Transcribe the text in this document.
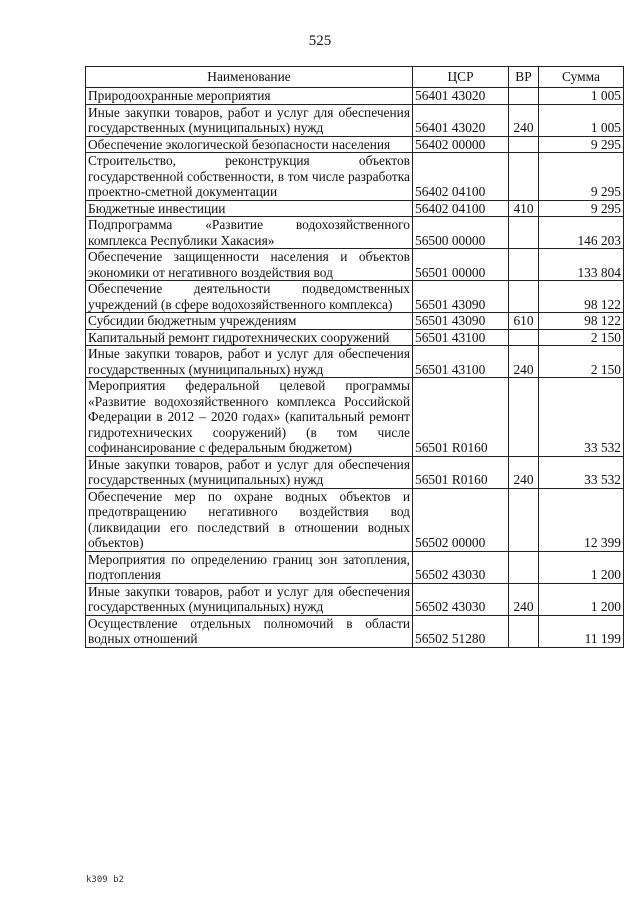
525
Наименование	ЦСР	ВР	Сумма
Природоохранные мероприятия	56401 43020		1 005
Иные закупки товаров, работ и услуг для обеспечения государственных (муниципальных) нужд	56401 43020	240	1 005
Обеспечение экологической безопасности населения	56402 00000		9 295
Строительство, реконструкция объектов государственной собственности, в том числе разработка проектно-сметной документации	56402 04100		9 295
Бюджетные инвестиции	56402 04100	410	9 295
Подпрограмма «Развитие водохозяйственного комплекса Республики Хакасия»	56500 00000		146 203
Обеспечение защищенности населения и объектов экономики от негативного воздействия вод	56501 00000		133 804
Обеспечение деятельности подведомственных учреждений (в сфере водохозяйственного комплекса)	56501 43090		98 122
Субсидии бюджетным учреждениям	56501 43090	610	98 122
Капитальный ремонт гидротехнических сооружений	56501 43100		2 150
Иные закупки товаров, работ и услуг для обеспечения государственных (муниципальных) нужд	56501 43100	240	2 150
Мероприятия федеральной целевой программы «Развитие водохозяйственного комплекса Российской Федерации в 2012 – 2020 годах» (капитальный ремонт гидротехнических сооружений) (в том числе софинансирование с федеральным бюджетом)	56501 R0160		33 532
Иные закупки товаров, работ и услуг для обеспечения государственных (муниципальных) нужд	56501 R0160	240	33 532
Обеспечение мер по охране водных объектов и предотвращению негативного воздействия вод (ликвидации его последствий в отношении водных объектов)	56502 00000		12 399
Мероприятия по определению границ зон затопления, подтопления	56502 43030		1 200
Иные закупки товаров, работ и услуг для обеспечения государственных (муниципальных) нужд	56502 43030	240	1 200
Осуществление отдельных полномочий в области водных отношений	56502 51280		11 199
k309 b2
